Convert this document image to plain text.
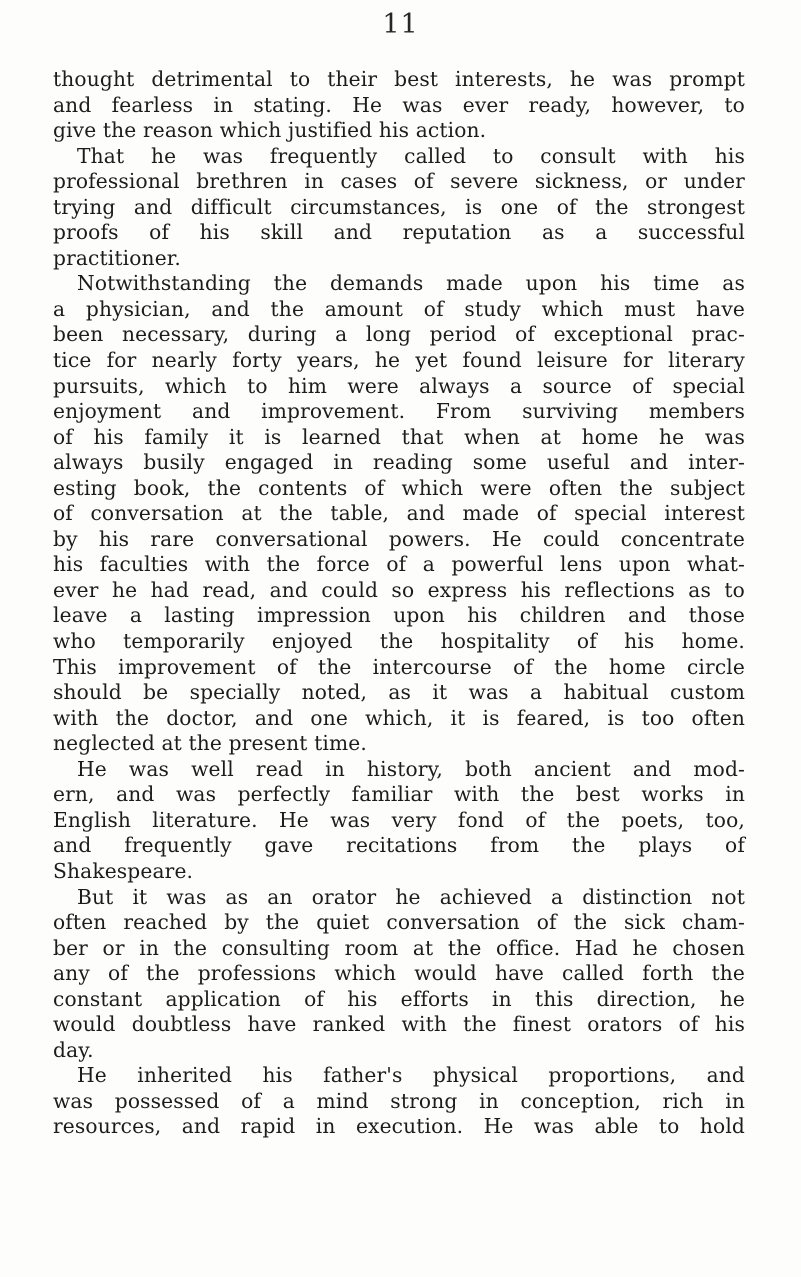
11
thought detrimental to their best interests, he was prompt
and fearless in stating. He was ever ready, however, to
give the reason which justified his action.
That he was frequently called to consult with his
professional brethren in cases of severe sickness, or under
trying and difficult circumstances, is one of the strongest
proofs of his skill and reputation as a successful
practitioner.
Notwithstanding the demands made upon his time as
a physician, and the amount of study which must have
been necessary, during a long period of exceptional prac-
tice for nearly forty years, he yet found leisure for literary
pursuits, which to him were always a source of special
enjoyment and improvement. From surviving members
of his family it is learned that when at home he was
always busily engaged in reading some useful and inter-
esting book, the contents of which were often the subject
of conversation at the table, and made of special interest
by his rare conversational powers. He could concentrate
his faculties with the force of a powerful lens upon what-
ever he had read, and could so express his reflections as to
leave a lasting impression upon his children and those
who temporarily enjoyed the hospitality of his home.
This improvement of the intercourse of the home circle
should be specially noted, as it was a habitual custom
with the doctor, and one which, it is feared, is too often
neglected at the present time.
He was well read in history, both ancient and mod-
ern, and was perfectly familiar with the best works in
English literature. He was very fond of the poets, too,
and frequently gave recitations from the plays of
Shakespeare.
But it was as an orator he achieved a distinction not
often reached by the quiet conversation of the sick cham-
ber or in the consulting room at the office. Had he chosen
any of the professions which would have called forth the
constant application of his efforts in this direction, he
would doubtless have ranked with the finest orators of his
day.
He inherited his father's physical proportions, and
was possessed of a mind strong in conception, rich in
resources, and rapid in execution. He was able to hold
